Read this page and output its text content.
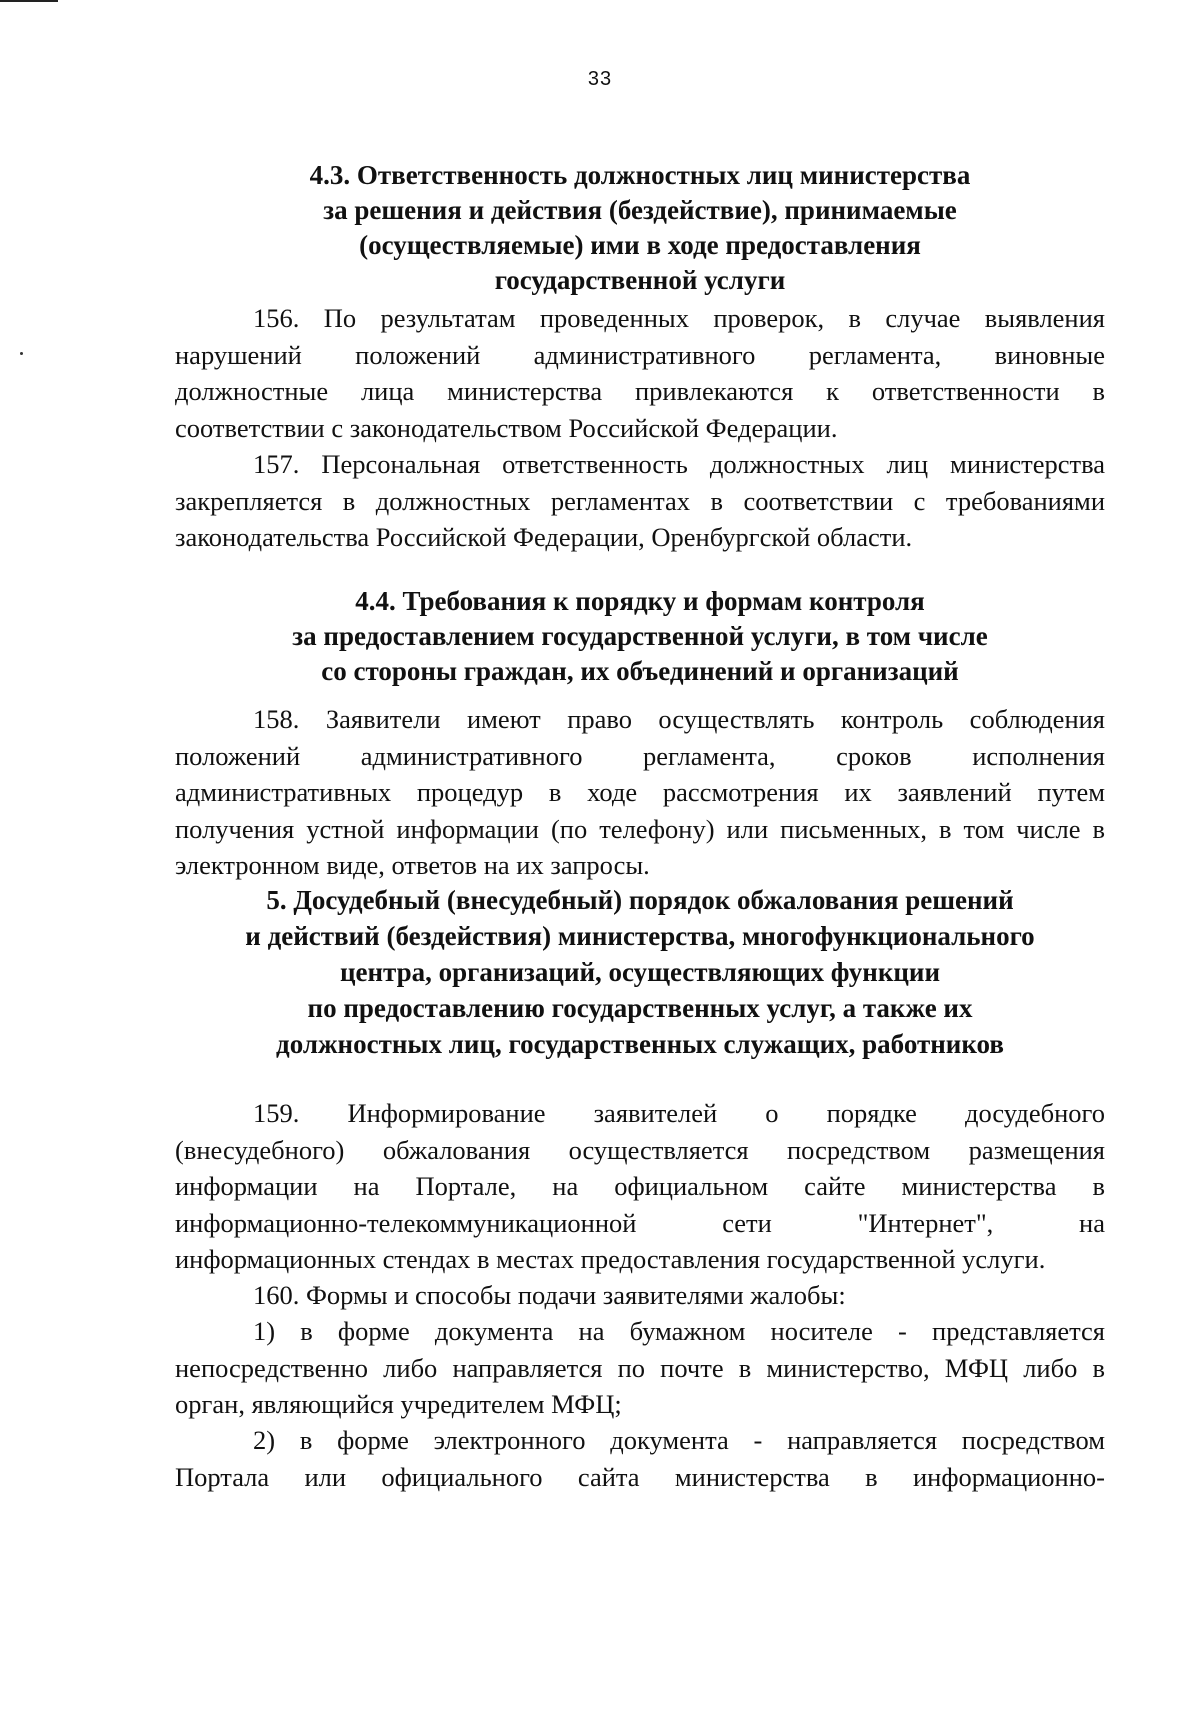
33
4.3. Ответственность должностных лиц министерства
за решения и действия (бездействие), принимаемые
(осуществляемые) ими в ходе предоставления
государственной услуги
156. По результатам проведенных проверок, в случае выявления
нарушений положений административного регламента, виновные
должностные лица министерства привлекаются к ответственности в
соответствии с законодательством Российской Федерации.
157. Персональная ответственность должностных лиц министерства
закрепляется в должностных регламентах в соответствии с требованиями
законодательства Российской Федерации, Оренбургской области.
4.4. Требования к порядку и формам контроля
за предоставлением государственной услуги, в том числе
со стороны граждан, их объединений и организаций
158. Заявители имеют право осуществлять контроль соблюдения
положений административного регламента, сроков исполнения
административных процедур в ходе рассмотрения их заявлений путем
получения устной информации (по телефону) или письменных, в том числе в
электронном виде, ответов на их запросы.
5. Досудебный (внесудебный) порядок обжалования решений
и действий (бездействия) министерства, многофункционального
центра, организаций, осуществляющих функции
по предоставлению государственных услуг, а также их
должностных лиц, государственных служащих, работников
159. Информирование заявителей о порядке досудебного
(внесудебного) обжалования осуществляется посредством размещения
информации на Портале, на официальном сайте министерства в
информационно-телекоммуникационной сети "Интернет", на
информационных стендах в местах предоставления государственной услуги.
160. Формы и способы подачи заявителями жалобы:
1) в форме документа на бумажном носителе - представляется
непосредственно либо направляется по почте в министерство, МФЦ либо в
орган, являющийся учредителем МФЦ;
2) в форме электронного документа - направляется посредством
Портала или официального сайта министерства в информационно-
